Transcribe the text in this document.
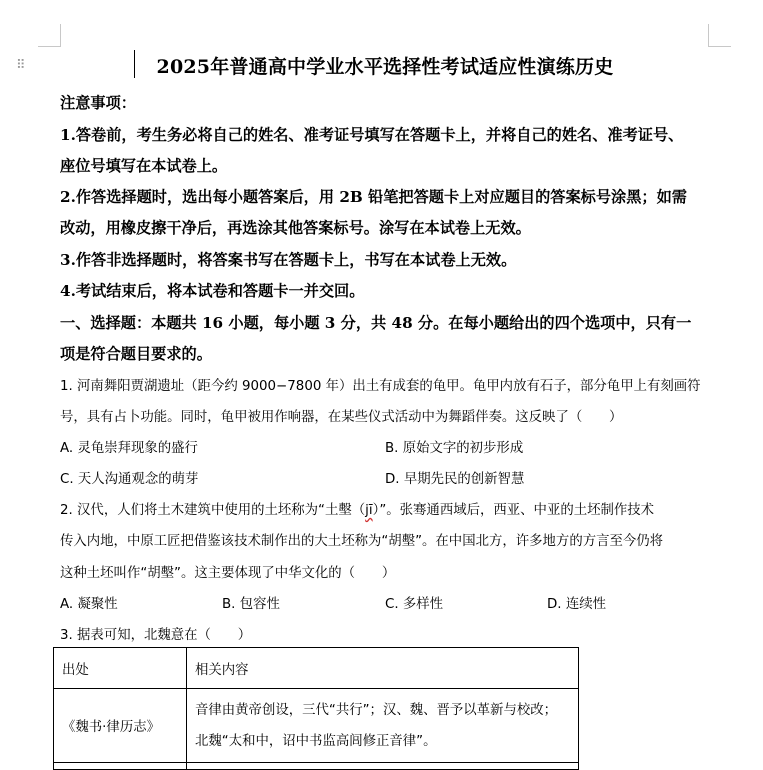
⠿	2025年普通高中学业水平选择性考试适应性演练历史
注意事项：
1.答卷前，考生务必将自己的姓名、准考证号填写在答题卡上，并将自己的姓名、准考证号、
座位号填写在本试卷上。
2.作答选择题时，选出每小题答案后，用 2B 铅笔把答题卡上对应题目的答案标号涂黑；如需
改动，用橡皮擦干净后，再选涂其他答案标号。涂写在本试卷上无效。
3.作答非选择题时，将答案书写在答题卡上，书写在本试卷上无效。
4.考试结束后，将本试卷和答题卡一并交回。
一、选择题：本题共 16 小题，每小题 3 分，共 48 分。在每小题给出的四个选项中，只有一
项是符合题目要求的。
1. 河南舞阳贾湖遗址（距今约 9000−7800 年）出土有成套的龟甲。龟甲内放有石子，部分龟甲上有刻画符
号，具有占卜功能。同时，龟甲被用作响器，在某些仪式活动中为舞蹈伴奏。这反映了（　　）
A. 灵龟崇拜现象的盛行	B. 原始文字的初步形成
C. 天人沟通观念的萌芽	D. 早期先民的创新智慧
2. 汉代，人们将土木建筑中使用的土坯称为“土墼（jī）”。张骞通西域后，西亚、中亚的土坯制作技术
传入内地，中原工匠把借鉴该技术制作出的大土坯称为“胡墼”。在中国北方，许多地方的方言至今仍将
这种土坯叫作“胡墼”。这主要体现了中华文化的（　　）
A. 凝聚性	B. 包容性	C. 多样性	D. 连续性
3. 据表可知，北魏意在（　　）
出处	相关内容
《魏书·律历志》	音律由黄帝创设，三代“共行”；汉、魏、晋予以革新与校改；
北魏“太和中，诏中书监高闾修正音律”。
